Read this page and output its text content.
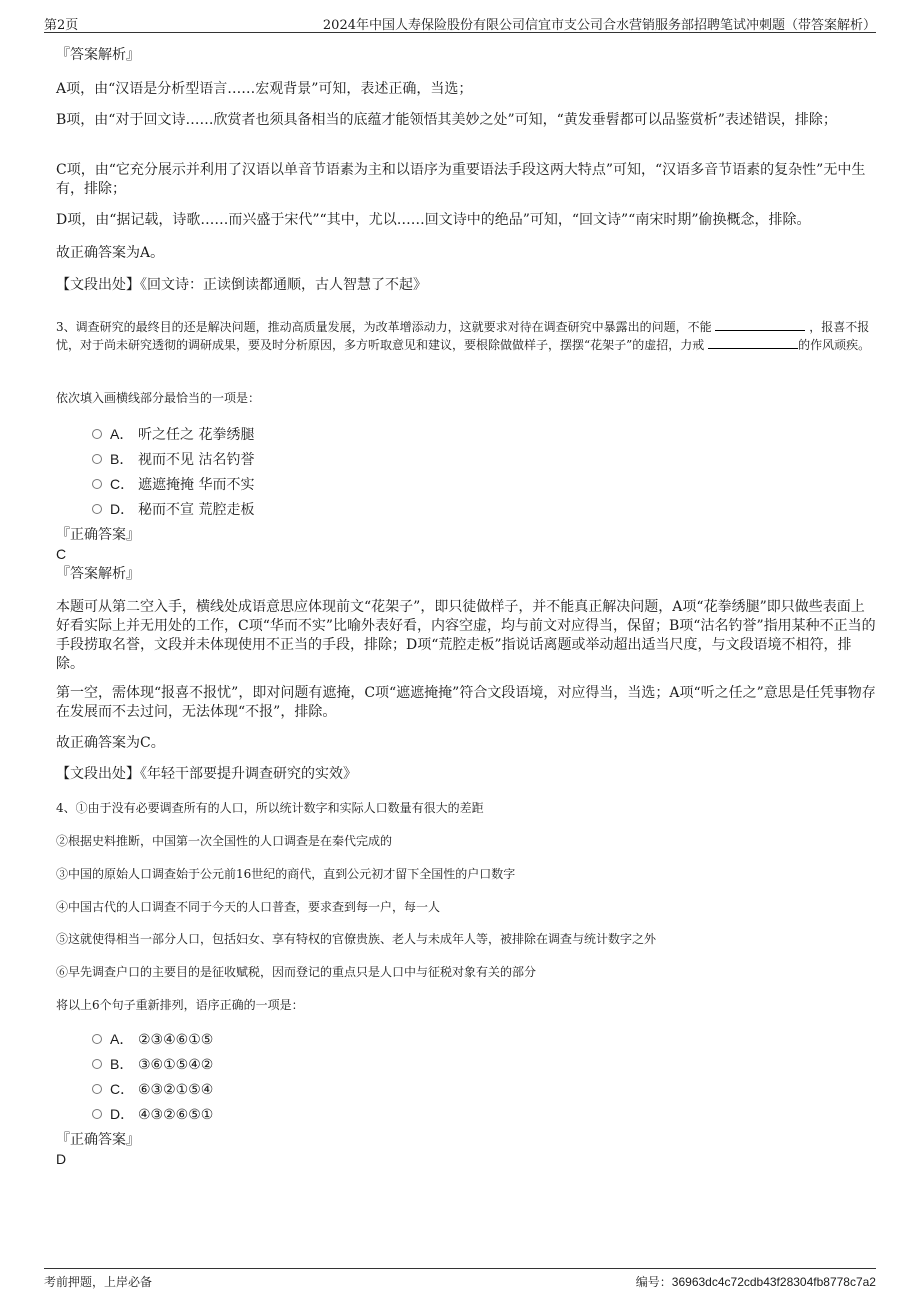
第2页	2024年中国人寿保险股份有限公司信宜市支公司合水营销服务部招聘笔试冲刺题（带答案解析）
『答案解析』
A项，由“汉语是分析型语言……宏观背景”可知，表述正确，当选；
B项，由“对于回文诗……欣赏者也须具备相当的底蕴才能领悟其美妙之处”可知，“黄发垂髫都可以品鉴赏析”表述错误，排除；
C项，由“它充分展示并利用了汉语以单音节语素为主和以语序为重要语法手段这两大特点”可知，“汉语多音节语素的复杂性”无中生有，排除；
D项，由“据记载，诗歌……而兴盛于宋代”“其中，尤以……回文诗中的绝品”可知，“回文诗”“南宋时期”偷换概念，排除。
故正确答案为A。
【文段出处】《回文诗：正读倒读都通顺，古人智慧了不起》
3、调查研究的最终目的还是解决问题，推动高质量发展，为改革增添动力，这就要求对待在调查研究中暴露出的问题，不能	，报喜不报忧，对于尚未研究透彻的调研成果，要及时分析原因，多方听取意见和建议，要根除做做样子，摆摆“花架子”的虚招，力戒	的作风顽疾。
依次填入画横线部分最恰当的一项是：
A． 听之任之 花拳绣腿
B． 视而不见 沽名钓誉
C． 遮遮掩掩 华而不实
D． 秘而不宣 荒腔走板
『正确答案』
C
『答案解析』
本题可从第二空入手，横线处成语意思应体现前文“花架子”，即只徒做样子，并不能真正解决问题，A项“花拳绣腿”即只做些表面上好看实际上并无用处的工作，C项“华而不实”比喻外表好看，内容空虚，均与前文对应得当，保留；B项“沽名钓誉”指用某种不正当的手段捞取名誉，文段并未体现使用不正当的手段，排除；D项“荒腔走板”指说话离题或举动超出适当尺度，与文段语境不相符，排除。
第一空，需体现“报喜不报忧”，即对问题有遮掩，C项“遮遮掩掩”符合文段语境，对应得当，当选；A项“听之任之”意思是任凭事物存在发展而不去过问，无法体现“不报”，排除。
故正确答案为C。
【文段出处】《年轻干部要提升调查研究的实效》
4、①由于没有必要调查所有的人口，所以统计数字和实际人口数量有很大的差距
②根据史料推断，中国第一次全国性的人口调查是在秦代完成的
③中国的原始人口调查始于公元前16世纪的商代，直到公元初才留下全国性的户口数字
④中国古代的人口调查不同于今天的人口普查，要求查到每一户，每一人
⑤这就使得相当一部分人口，包括妇女、享有特权的官僚贵族、老人与未成年人等，被排除在调查与统计数字之外
⑥早先调查户口的主要目的是征收赋税，因而登记的重点只是人口中与征税对象有关的部分
将以上6个句子重新排列，语序正确的一项是：
A． ②③④⑥①⑤
B． ③⑥①⑤④②
C． ⑥③②①⑤④
D． ④③②⑥⑤①
『正确答案』
D
考前押题，上岸必备	编号：36963dc4c72cdb43f28304fb8778c7a2
